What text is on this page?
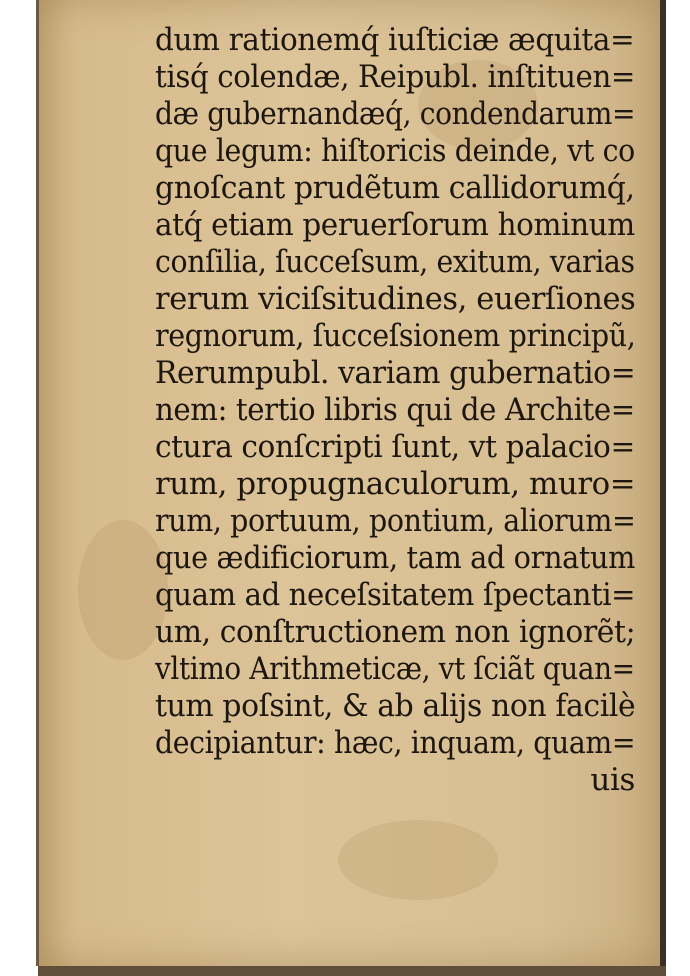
dum rationemq́ iuſticiæ æquita=
tisq́ colendæ, Reipubl. inſtituen=
dæ gubernandæq́, condendarum=
que legum: hiſtoricis deinde, vt co
gnoſcant prudẽtum callidorumq́,
atq́ etiam peruerſorum hominum
conſilia, ſucceſsum, exitum, varias
rerum viciſsitudines, euerſiones
regnorum, ſucceſsionem principũ,
Rerumpubl. variam gubernatio=
nem: tertio libris qui de Archite=
ctura conſcripti ſunt, vt palacio=
rum, propugnaculorum, muro=
rum, portuum, pontium, aliorum=
que ædificiorum, tam ad ornatum
quam ad neceſsitatem ſpectanti=
um, conſtructionem non ignorẽt;
vltimo Arithmeticæ, vt ſciãt quan=
tum poſsint, & ab alijs non facilè
decipiantur: hæc, inquam, quam=
uis
